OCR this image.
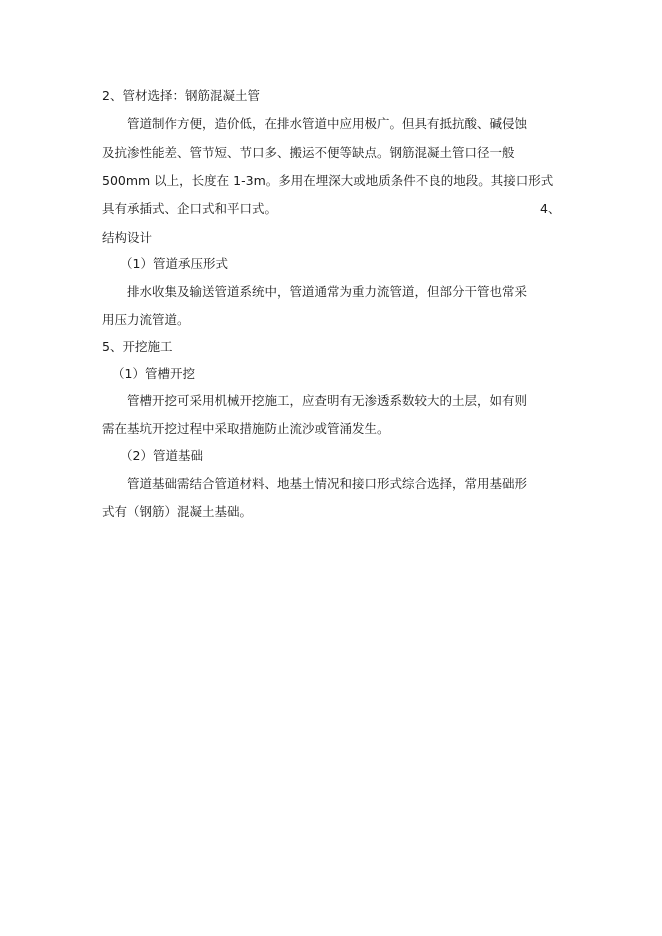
2、管材选择：钢筋混凝土管
管道制作方便，造价低，在排水管道中应用极广。但具有抵抗酸、碱侵蚀
及抗渗性能差、管节短、节口多、搬运不便等缺点。钢筋混凝土管口径一般
500mm 以上，长度在 1-3m。多用在埋深大或地质条件不良的地段。其接口形式
具有承插式、企口式和平口式。	4、
结构设计
（1）管道承压形式
排水收集及输送管道系统中，管道通常为重力流管道，但部分干管也常采
用压力流管道。
5、开挖施工
（1）管槽开挖
管槽开挖可采用机械开挖施工，应查明有无渗透系数较大的土层，如有则
需在基坑开挖过程中采取措施防止流沙或管涌发生。
（2）管道基础
管道基础需结合管道材料、地基土情况和接口形式综合选择，常用基础形
式有（钢筋）混凝土基础。
